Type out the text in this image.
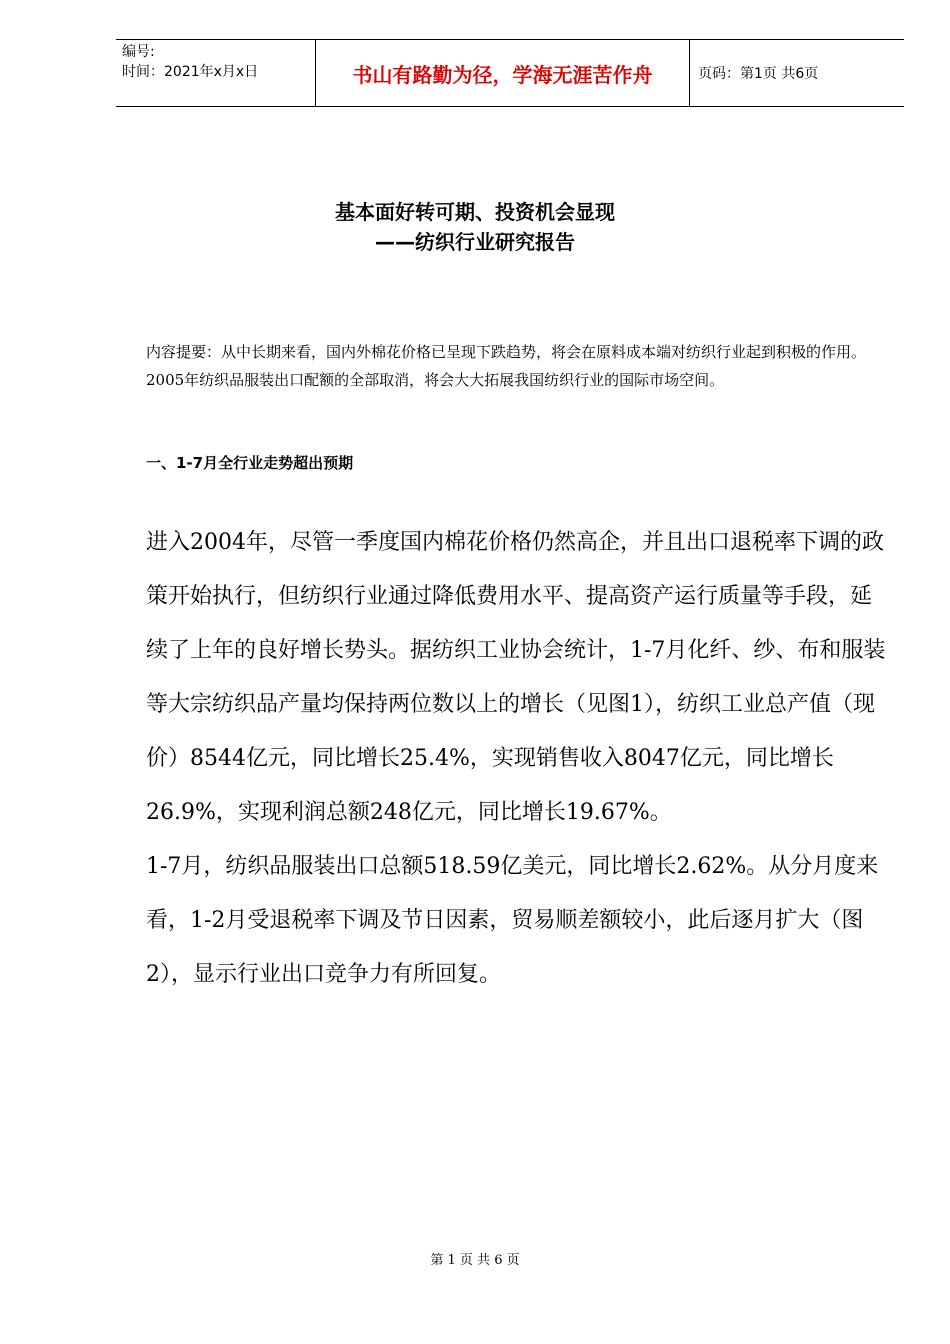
编号:
时间：2021年x月x日	书山有路勤为径，学海无涯苦作舟	页码：第1页 共6页
基本面好转可期、投资机会显现
——纺织行业研究报告

内容提要：从中长期来看，国内外棉花价格已呈现下跌趋势，将会在原料成本端对纺织行业起到积极的作用。2005年纺织品服装出口配额的全部取消，将会大大拓展我国纺织行业的国际市场空间。

一、1-7月全行业走势超出预期

进入2004年，尽管一季度国内棉花价格仍然高企，并且出口退税率下调的政策开始执行，但纺织行业通过降低费用水平、提高资产运行质量等手段，延续了上年的良好增长势头。据纺织工业协会统计，1-7月化纤、纱、布和服装等大宗纺织品产量均保持两位数以上的增长（见图1），纺织工业总产值（现价）8544亿元，同比增长25.4%，实现销售收入8047亿元，同比增长26.9%，实现利润总额248亿元，同比增长19.67%。

1-7月，纺织品服装出口总额518.59亿美元，同比增长2.62%。从分月度来看，1-2月受退税率下调及节日因素，贸易顺差额较小，此后逐月扩大（图2），显示行业出口竞争力有所回复。

第 1 页 共 6 页
